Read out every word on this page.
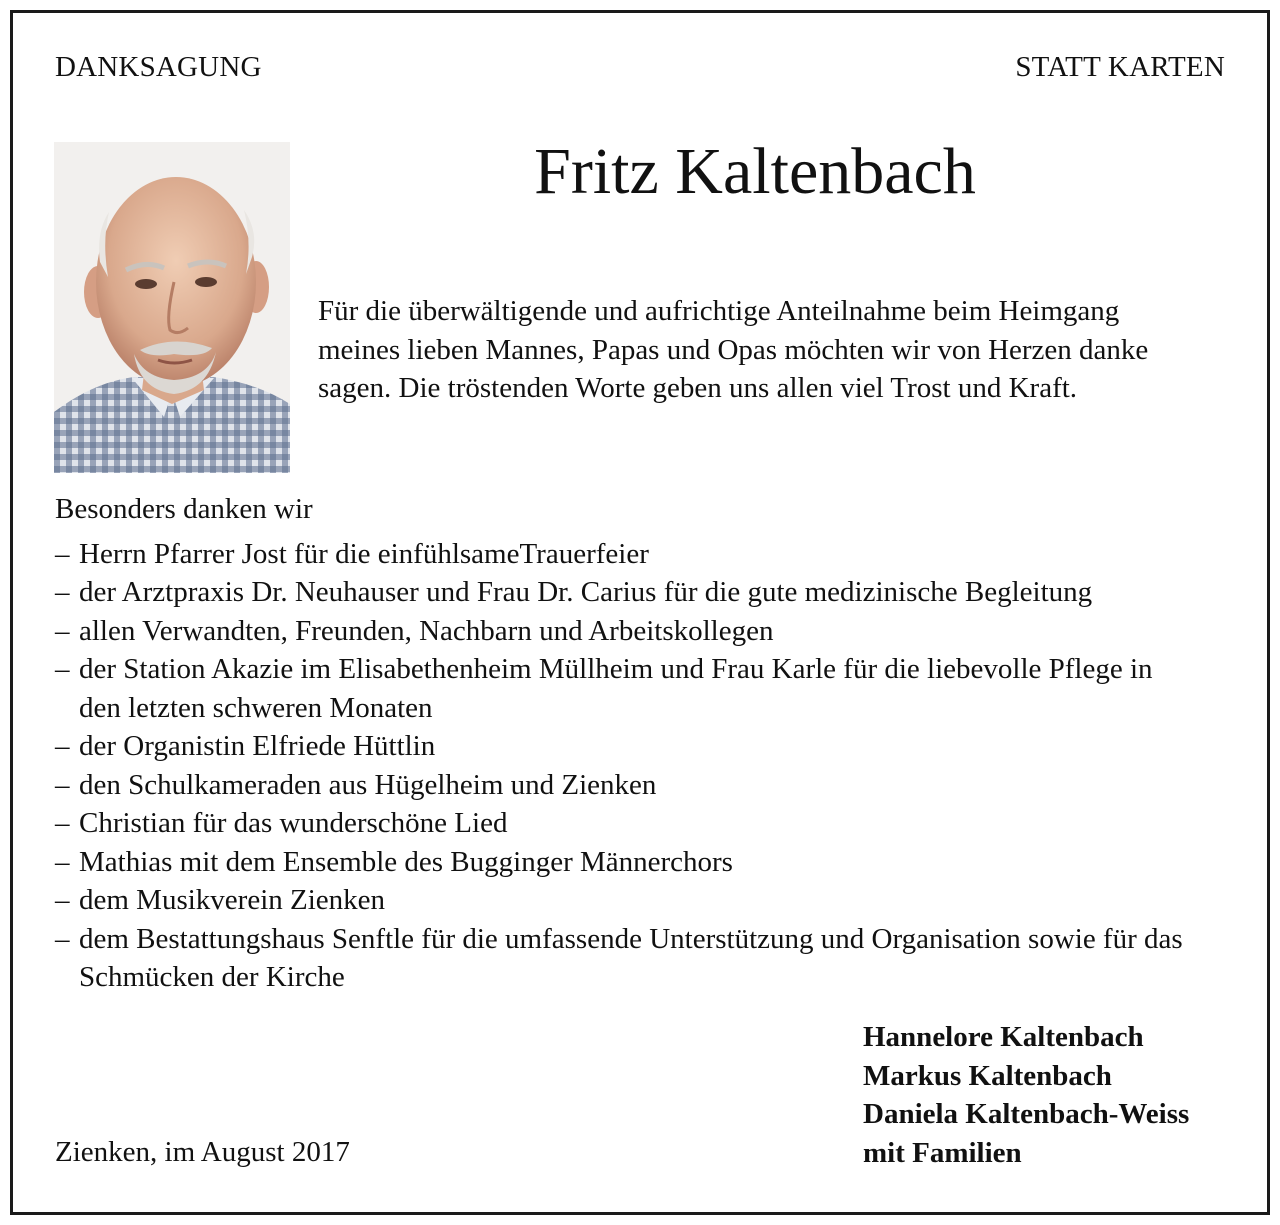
DANKSAGUNG	STATT KARTEN
Fritz Kaltenbach
Für die überwältigende und aufrichtige Anteilnahme beim Heimgang
meines lieben Mannes, Papas und Opas möchten wir von Herzen danke
sagen. Die tröstenden Worte geben uns allen viel Trost und Kraft.
Besonders danken wir
– Herrn Pfarrer Jost für die einfühlsameTrauerfeier
– der Arztpraxis Dr. Neuhauser und Frau Dr. Carius für die gute medizinische Begleitung
– allen Verwandten, Freunden, Nachbarn und Arbeitskollegen
– der Station Akazie im Elisabethenheim Müllheim und Frau Karle für die liebevolle Pflege in den letzten schweren Monaten
– der Organistin Elfriede Hüttlin
– den Schulkameraden aus Hügelheim und Zienken
– Christian für das wunderschöne Lied
– Mathias mit dem Ensemble des Bugginger Männerchors
– dem Musikverein Zienken
– dem Bestattungshaus Senftle für die umfassende Unterstützung und Organisation sowie für das Schmücken der Kirche
Zienken, im August 2017
Hannelore Kaltenbach
Markus Kaltenbach
Daniela Kaltenbach-Weiss
mit Familien
